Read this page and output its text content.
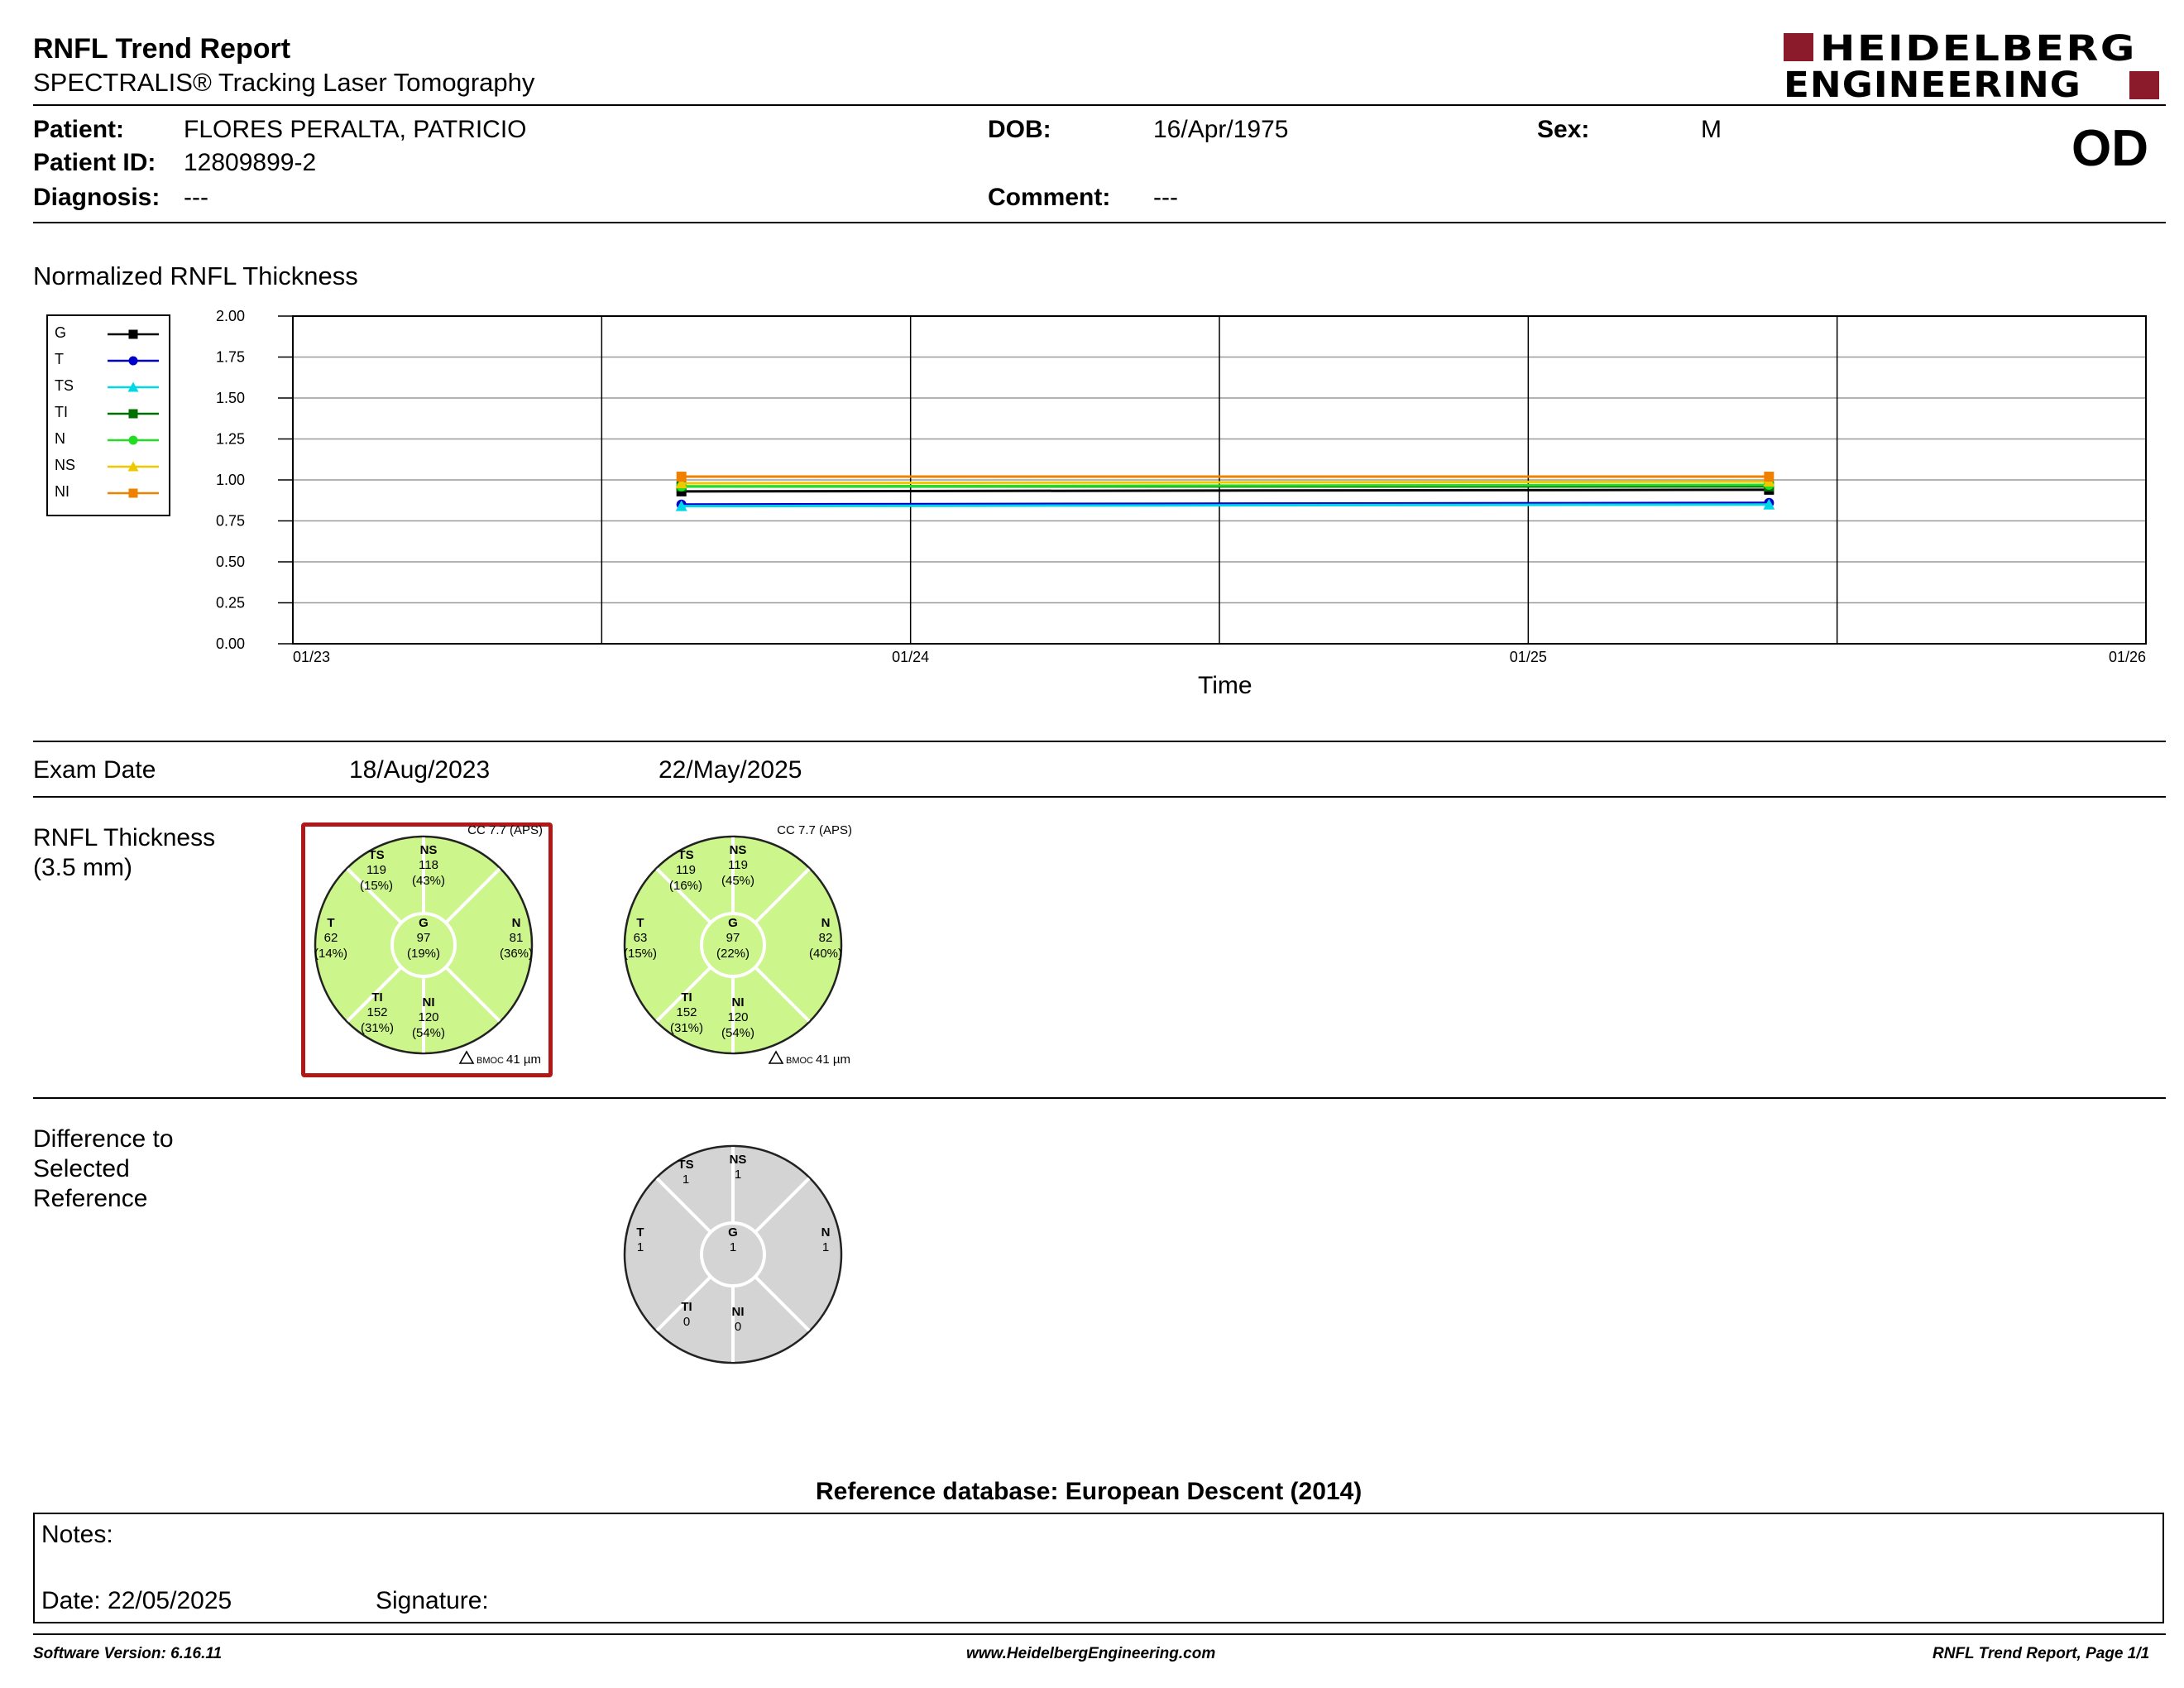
RNFL Trend Report
SPECTRALIS® Tracking Laser Tomography
HEIDELBERG
ENGINEERING
Patient: FLORES PERALTA, PATRICIO
Patient ID: 12809899-2
Diagnosis: ---
DOB:	16/Apr/1975
Comment: ---
Sex:	M	OD
Normalized RNFL Thickness
G
T
TS
TI
N
NS
NI
0.00
0.25
0.50
0.75
1.00
1.25
1.50
1.75
2.00
01/23	01/24	01/25	01/26
Time
Exam Date	18/Aug/2023	22/May/2025
RNFL Thickness
(3.5 mm)	TS
119
(15%)
NS
118
(43%)
T
62
(14%)
G
97
(19%)
N
81
(36%)
TI
152
(31%)
NI
120
(54%)
CC 7.7 (APS)
BMOC 41 µm
TS
119
(16%)
NS
119
(45%)
T
63
(15%)
G
97
(22%)
N
82
(40%)
TI
152
(31%)
NI
120
(54%)
CC 7.7 (APS)
BMOC 41 µm
Difference to
Selected
Reference
TS
1
NS
1
T
1
G
1
N
1
TI
0
NI
0
Reference database: European Descent (2014)
Notes:
Date: 22/05/2025	Signature:
Software Version: 6.16.11	www.HeidelbergEngineering.com	RNFL Trend Report, Page 1/1
